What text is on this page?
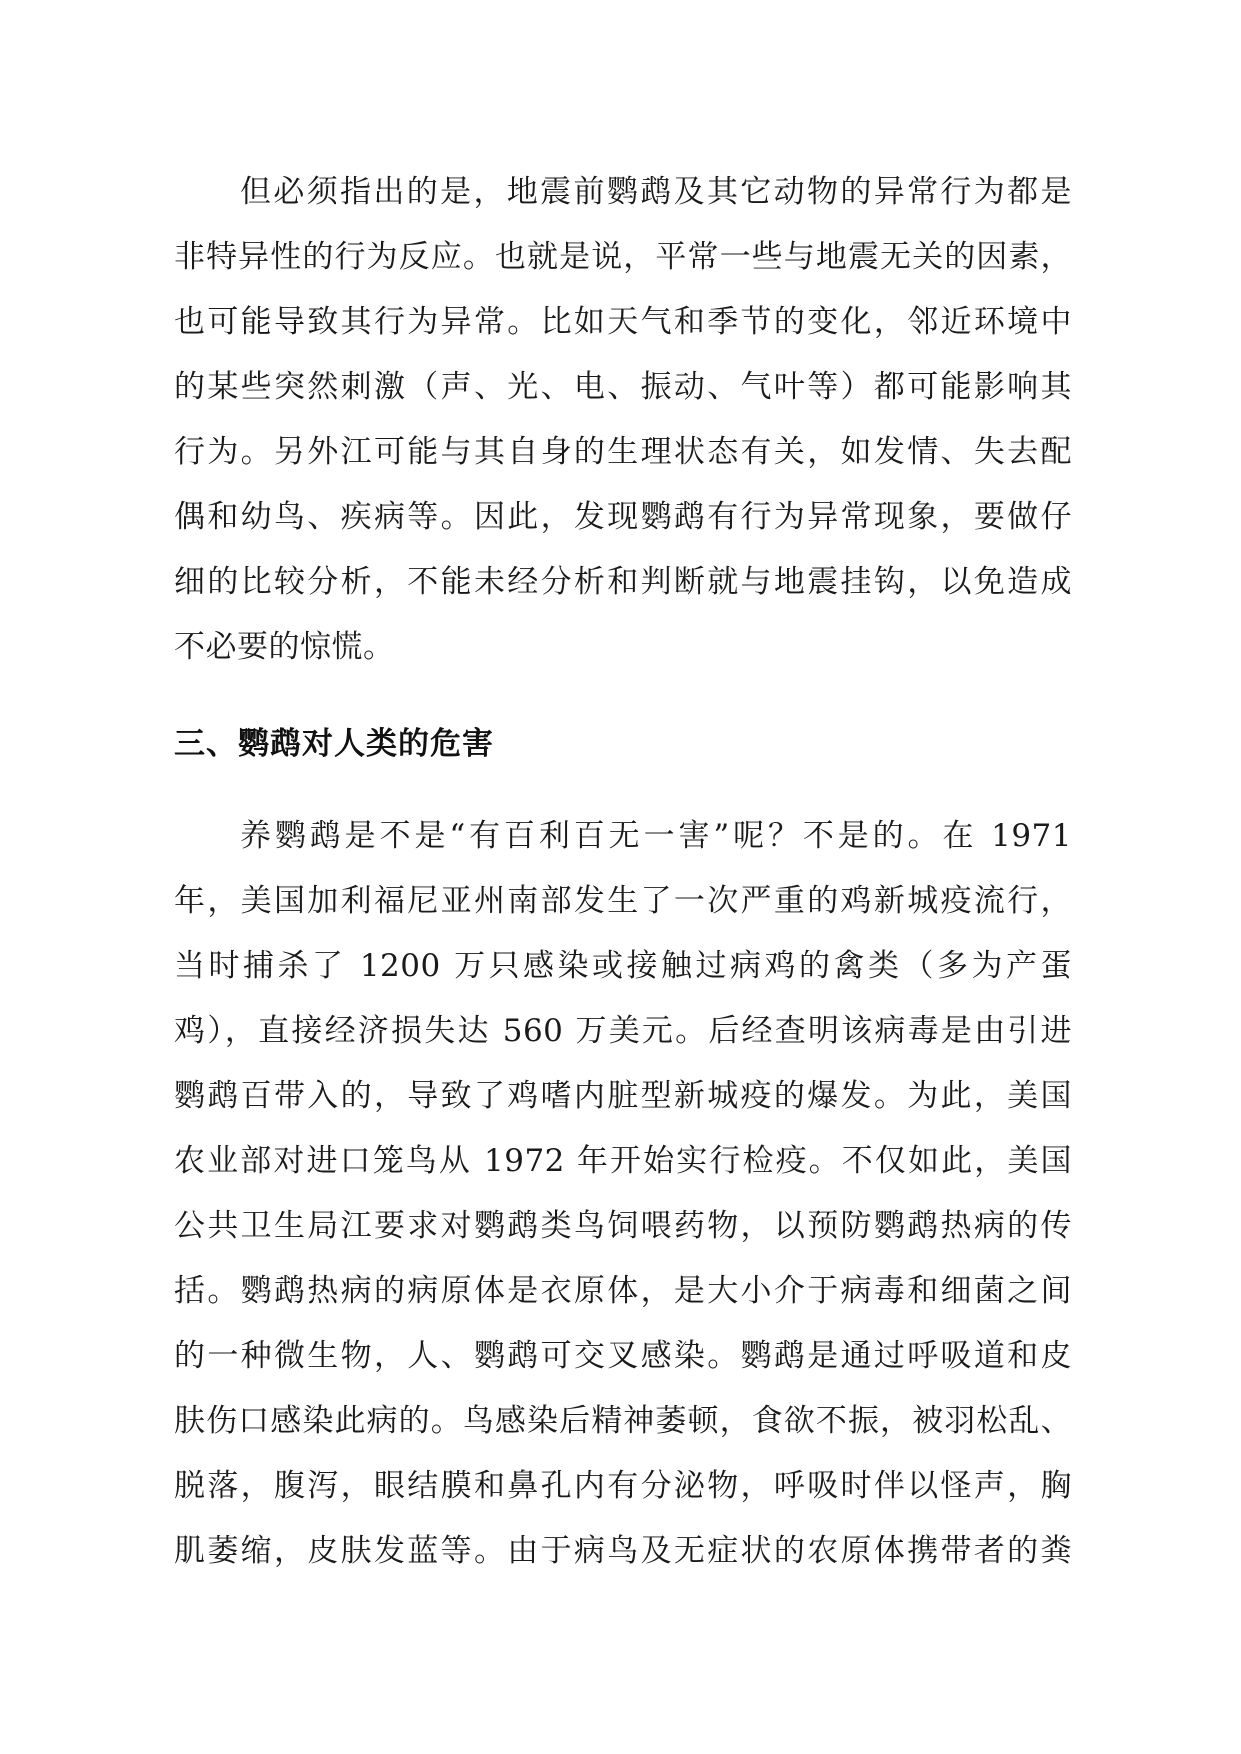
但必须指出的是，地震前鹦鹉及其它动物的异常行为都是
非特异性的行为反应。也就是说，平常一些与地震无关的因素，
也可能导致其行为异常。比如天气和季节的变化，邻近环境中
的某些突然刺激（声、光、电、振动、气叶等）都可能影响其
行为。另外江可能与其自身的生理状态有关，如发情、失去配
偶和幼鸟、疾病等。因此，发现鹦鹉有行为异常现象，要做仔
细的比较分析，不能未经分析和判断就与地震挂钩，以免造成
不必要的惊慌。
三、鹦鹉对人类的危害
养鹦鹉是不是“有百利百无一害”呢？不是的。在 1971
年，美国加利福尼亚州南部发生了一次严重的鸡新城疫流行，
当时捕杀了 1200 万只感染或接触过病鸡的禽类（多为产蛋
鸡），直接经济损失达 560 万美元。后经查明该病毒是由引进
鹦鹉百带入的，导致了鸡嗜内脏型新城疫的爆发。为此，美国
农业部对进口笼鸟从 1972 年开始实行检疫。不仅如此，美国
公共卫生局江要求对鹦鹉类鸟饲喂药物，以预防鹦鹉热病的传
括。鹦鹉热病的病原体是衣原体，是大小介于病毒和细菌之间
的一种微生物，人、鹦鹉可交叉感染。鹦鹉是通过呼吸道和皮
肤伤口感染此病的。鸟感染后精神萎顿，食欲不振，被羽松乱、
脱落，腹泻，眼结膜和鼻孔内有分泌物，呼吸时伴以怪声，胸
肌萎缩，皮肤发蓝等。由于病鸟及无症状的农原体携带者的粪
